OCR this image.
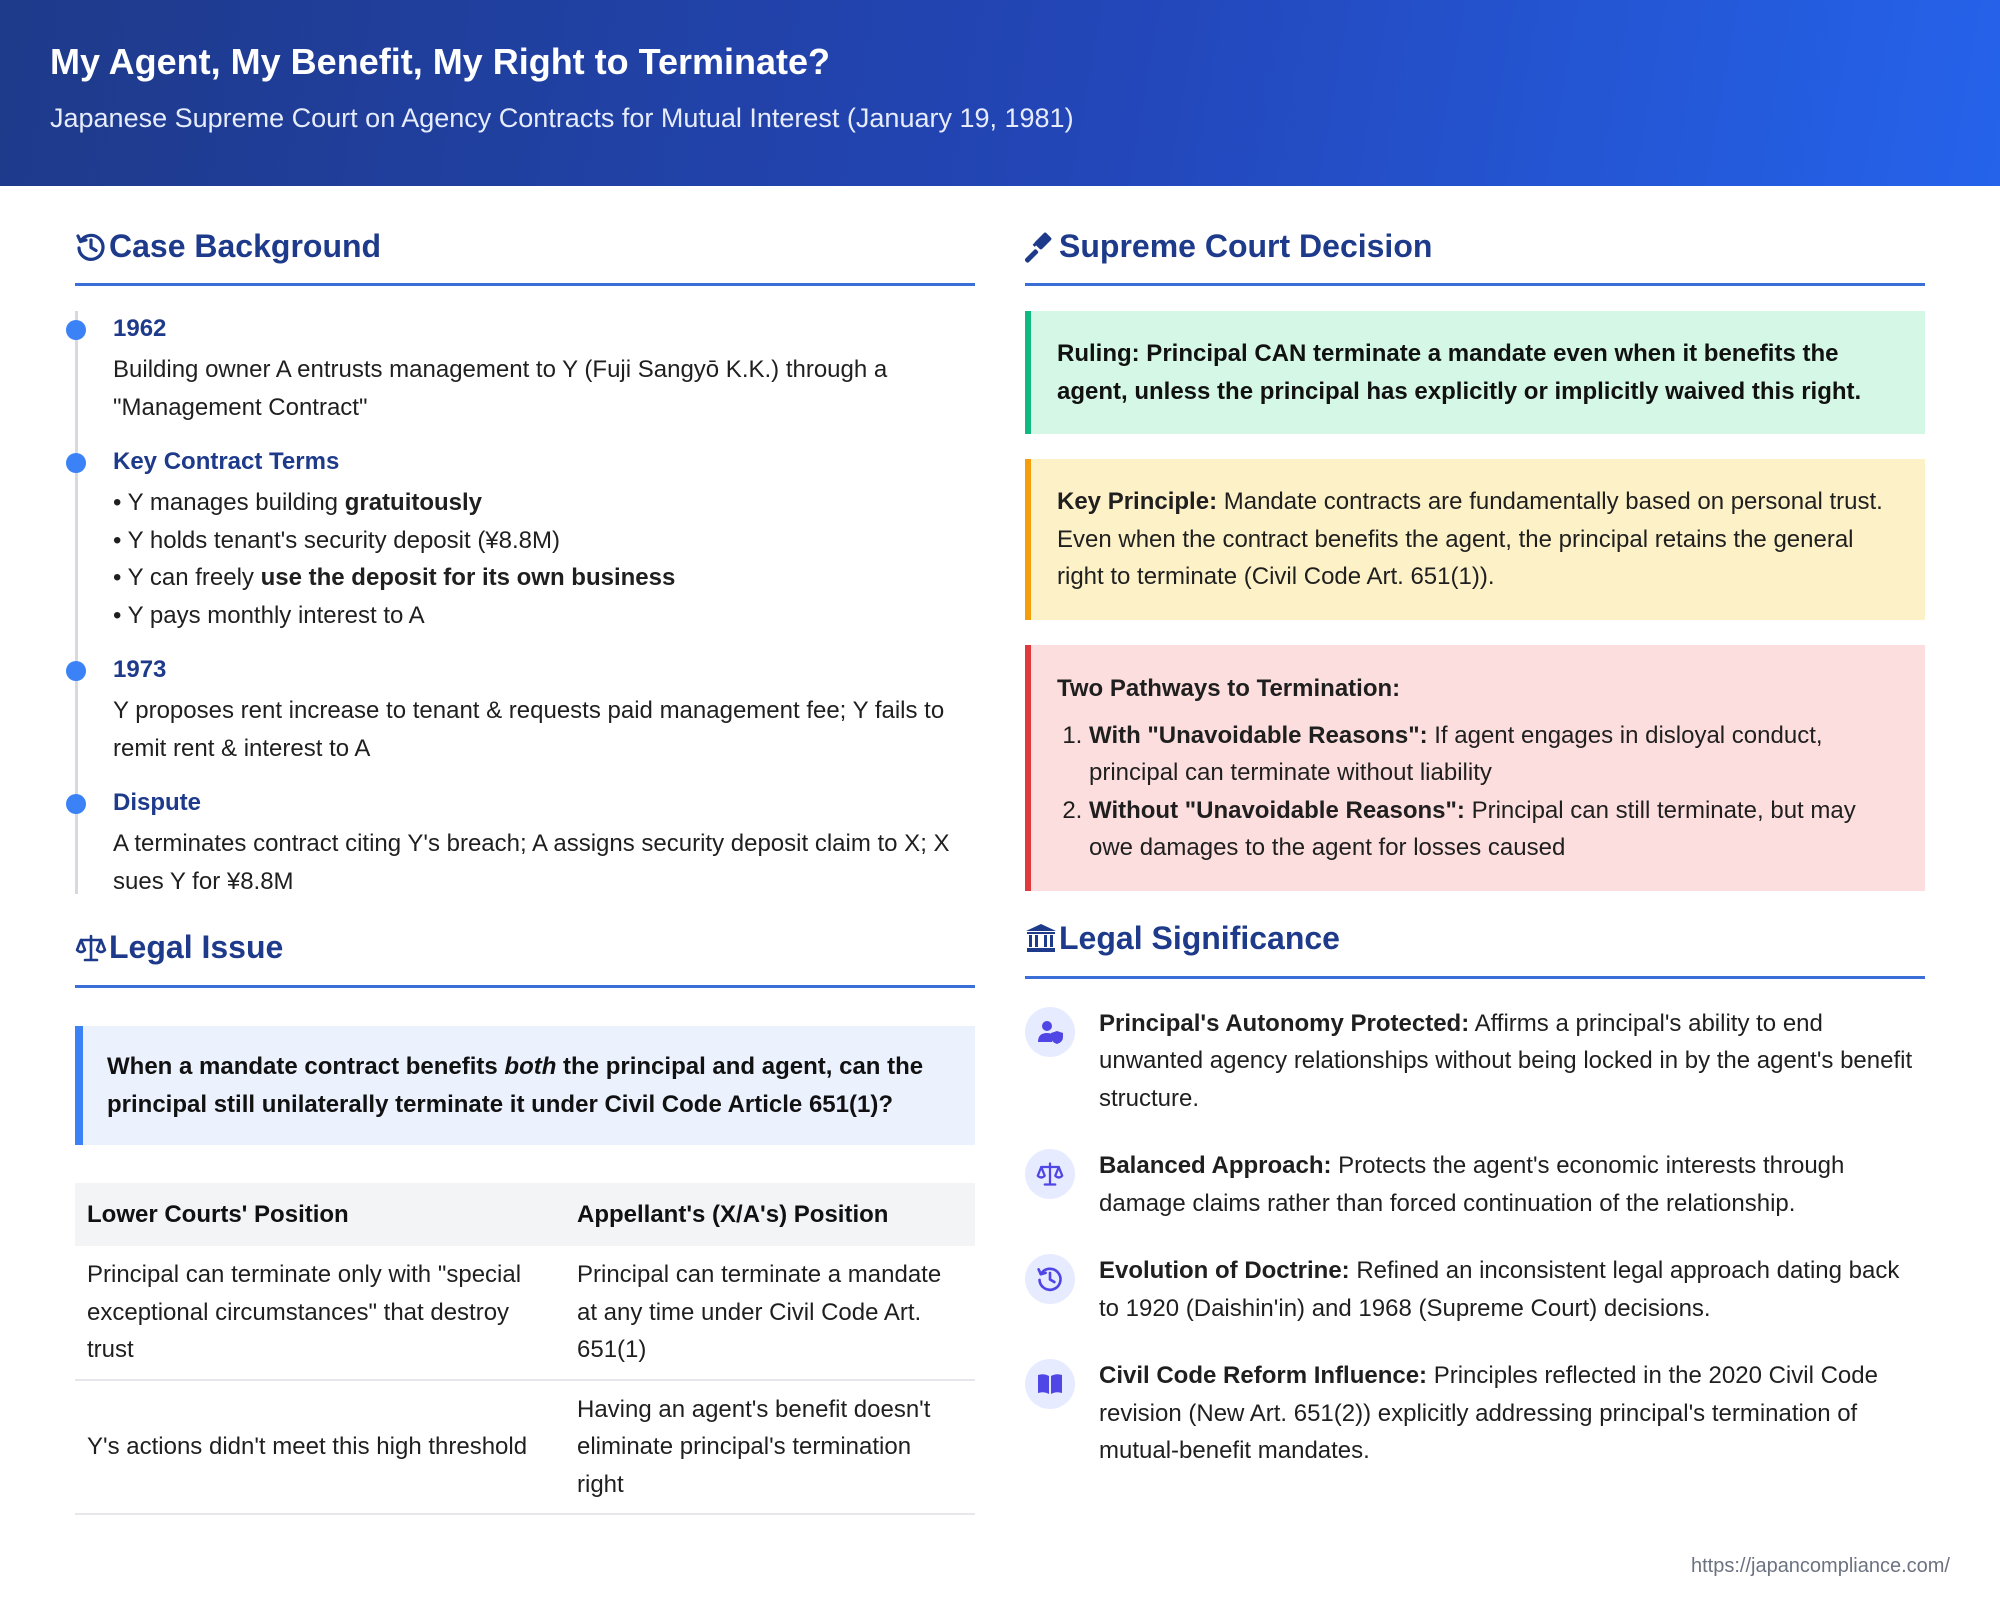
My Agent, My Benefit, My Right to Terminate?
Japanese Supreme Court on Agency Contracts for Mutual Interest (January 19, 1981)
Case Background
1962
Building owner A entrusts management to Y (Fuji Sangyō K.K.) through a "Management Contract"
Key Contract Terms
• Y manages building gratuitously
• Y holds tenant's security deposit (¥8.8M)
• Y can freely use the deposit for its own business
• Y pays monthly interest to A
1973
Y proposes rent increase to tenant & requests paid management fee; Y fails to remit rent & interest to A
Dispute
A terminates contract citing Y's breach; A assigns security deposit claim to X; X sues Y for ¥8.8M
Legal Issue
When a mandate contract benefits both the principal and agent, can the principal still unilaterally terminate it under Civil Code Article 651(1)?
Lower Courts' Position	Appellant's (X/A's) Position
Principal can terminate only with "special exceptional circumstances" that destroy trust	Principal can terminate a mandate at any time under Civil Code Art. 651(1)
Y's actions didn't meet this high threshold	Having an agent's benefit doesn't eliminate principal's termination right
Supreme Court Decision
Ruling: Principal CAN terminate a mandate even when it benefits the agent, unless the principal has explicitly or implicitly waived this right.
Key Principle: Mandate contracts are fundamentally based on personal trust. Even when the contract benefits the agent, the principal retains the general right to terminate (Civil Code Art. 651(1)).
Two Pathways to Termination:
1. With "Unavoidable Reasons": If agent engages in disloyal conduct, principal can terminate without liability
2. Without "Unavoidable Reasons": Principal can still terminate, but may owe damages to the agent for losses caused
Legal Significance
Principal's Autonomy Protected: Affirms a principal's ability to end unwanted agency relationships without being locked in by the agent's benefit structure.
Balanced Approach: Protects the agent's economic interests through damage claims rather than forced continuation of the relationship.
Evolution of Doctrine: Refined an inconsistent legal approach dating back to 1920 (Daishin'in) and 1968 (Supreme Court) decisions.
Civil Code Reform Influence: Principles reflected in the 2020 Civil Code revision (New Art. 651(2)) explicitly addressing principal's termination of mutual-benefit mandates.
https://japancompliance.com/
